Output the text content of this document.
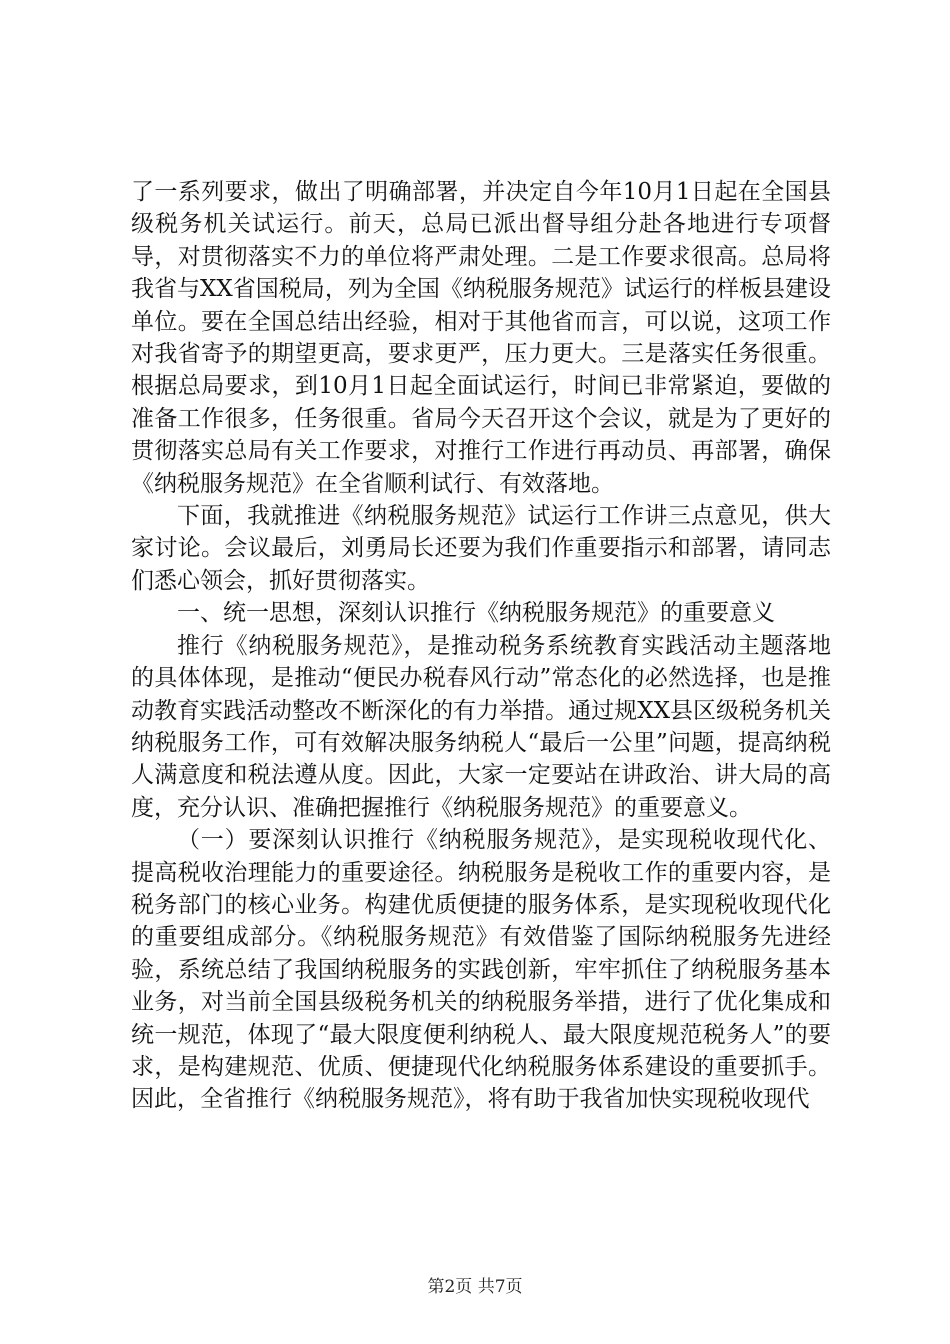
了一系列要求，做出了明确部署，并决定自今年10月1日起在全国县级税务机关试运行。前天，总局已派出督导组分赴各地进行专项督导，对贯彻落实不力的单位将严肃处理。二是工作要求很高。总局将我省与XX省国税局，列为全国《纳税服务规范》试运行的样板县建设单位。要在全国总结出经验，相对于其他省而言，可以说，这项工作对我省寄予的期望更高，要求更严，压力更大。三是落实任务很重。根据总局要求，到10月1日起全面试运行，时间已非常紧迫，要做的准备工作很多，任务很重。省局今天召开这个会议，就是为了更好的贯彻落实总局有关工作要求，对推行工作进行再动员、再部署，确保《纳税服务规范》在全省顺利试行、有效落地。

下面，我就推进《纳税服务规范》试运行工作讲三点意见，供大家讨论。会议最后，刘勇局长还要为我们作重要指示和部署，请同志们悉心领会，抓好贯彻落实。

一、统一思想，深刻认识推行《纳税服务规范》的重要意义

推行《纳税服务规范》，是推动税务系统教育实践活动主题落地的具体体现，是推动“便民办税春风行动”常态化的必然选择，也是推动教育实践活动整改不断深化的有力举措。通过规XX县区级税务机关纳税服务工作，可有效解决服务纳税人“最后一公里”问题，提高纳税人满意度和税法遵从度。因此，大家一定要站在讲政治、讲大局的高度，充分认识、准确把握推行《纳税服务规范》的重要意义。

（一）要深刻认识推行《纳税服务规范》，是实现税收现代化、提高税收治理能力的重要途径。纳税服务是税收工作的重要内容，是税务部门的核心业务。构建优质便捷的服务体系，是实现税收现代化的重要组成部分。《纳税服务规范》有效借鉴了国际纳税服务先进经验，系统总结了我国纳税服务的实践创新，牢牢抓住了纳税服务基本业务，对当前全国县级税务机关的纳税服务举措，进行了优化集成和统一规范，体现了“最大限度便利纳税人、最大限度规范税务人”的要求，是构建规范、优质、便捷现代化纳税服务体系建设的重要抓手。因此，全省推行《纳税服务规范》，将有助于我省加快实现税收现代

第2页 共7页
